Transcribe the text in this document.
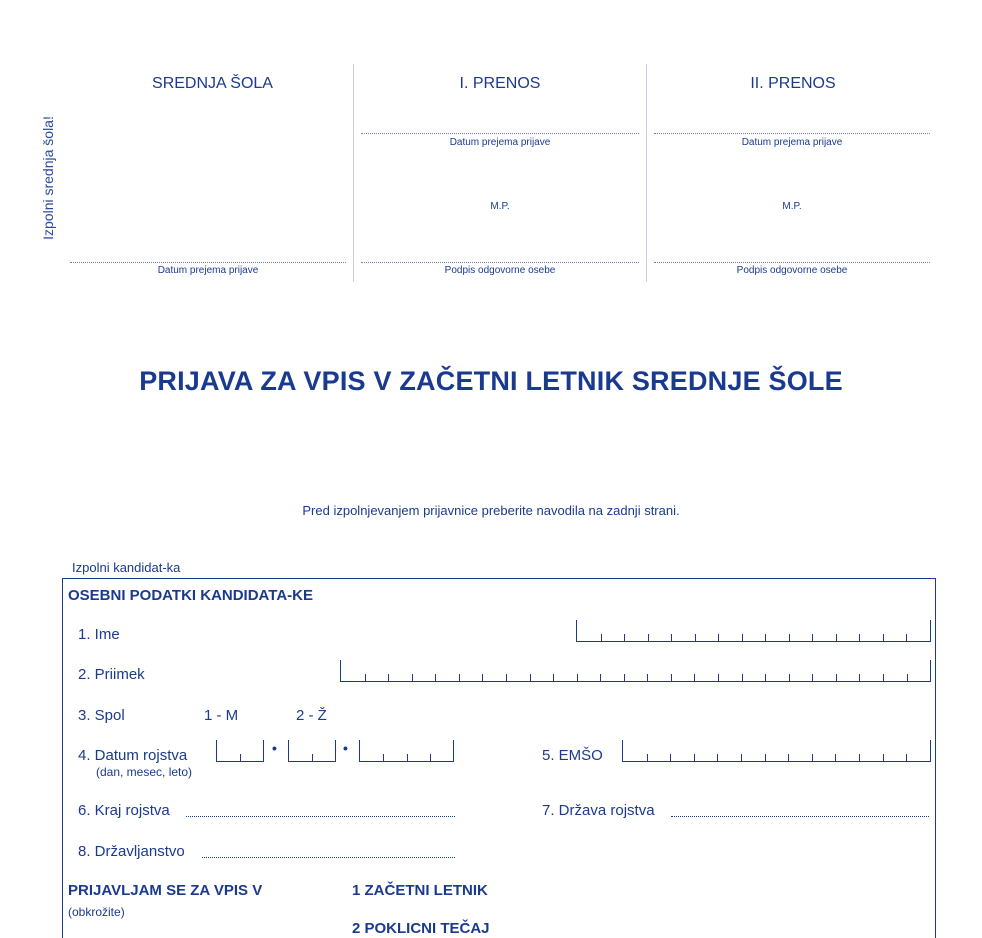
Izpolni srednja šola!
SREDNJA ŠOLA
Datum prejema prijave
I. PRENOS
Datum prejema prijave
M.P.
Podpis odgovorne osebe
II. PRENOS
Datum prejema prijave
M.P.
Podpis odgovorne osebe
PRIJAVA ZA VPIS V ZAČETNI LETNIK SREDNJE ŠOLE
Pred izpolnjevanjem prijavnice preberite navodila na zadnji strani.
Izpolni kandidat-ka
OSEBNI PODATKI KANDIDATA-KE
1. Ime
2. Priimek
3. Spol	1 - M	2 - Ž
4. Datum rojstva
(dan, mesec, leto)
•	•	5. EMŠO
6. Kraj rojstva	7. Država rojstva
8. Državljanstvo
PRIJAVLJAM SE ZA VPIS V
(obkrožite)
1 ZAČETNI LETNIK
2 POKLICNI TEČAJ
